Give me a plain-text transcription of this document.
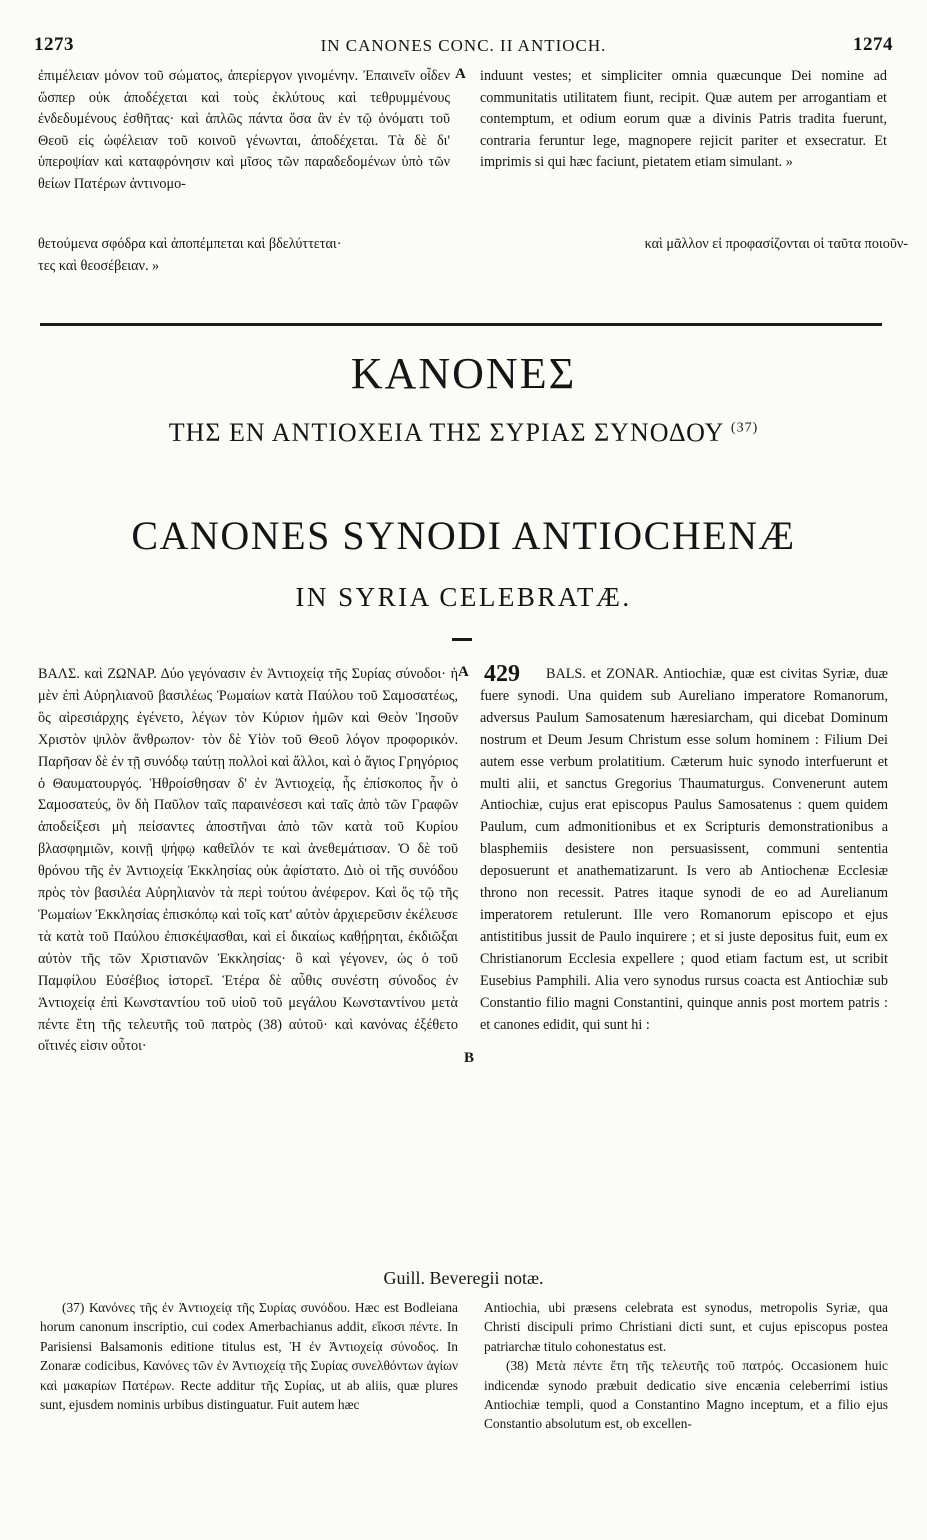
1273	IN CANONES CONC. II ANTIOCH.	1274

ἐπιμέλειαν μόνον τοῦ σώματος, ἀπερίεργον γινομένην. Ἐπαινεῖν οἶδεν ὥσπερ οὐκ ἀποδέχεται καὶ τοὺς ἐκλύτους καὶ τεθρυμμένους ἐνδεδυμένους ἐσθῆτας· καὶ ἁπλῶς πάντα ὅσα ἂν ἐν τῷ ὀνόματι τοῦ Θεοῦ εἰς ὠφέλειαν τοῦ κοινοῦ γένωνται, ἀποδέχεται. Τὰ δὲ δι' ὑπεροψίαν καὶ καταφρόνησιν καὶ μῖσος τῶν παραδεδομένων ὑπὸ τῶν θείων Πατέρων ἀντινομο-

A induunt vestes; et simpliciter omnia quæcunque Dei nomine ad communitatis utilitatem fiunt, recipit. Quæ autem per arrogantiam et contemptum, et odium eorum quæ a divinis Patris tradita fuerunt, contraria feruntur lege, magnopere rejicit pariter et exsecratur. Et imprimis si qui hæc faciunt, pietatem etiam simulant. »

θετούμενα σφόδρα καὶ ἀποπέμπεται καὶ βδελύττεται·	καὶ μᾶλλον εἰ προφασίζονται οἱ ταῦτα ποιοῦν-
τες καὶ θεοσέβειαν. »
ΚΑΝΟΝΕΣ
ΤΗΣ ΕΝ ΑΝΤΙΟΧΕΙΑ ΤΗΣ ΣΥΡΙΑΣ ΣΥΝΟΔΟΥ $^{(37)}$
CANONES SYNODI ANTIOCHENÆ
IN SYRIA CELEBRATÆ.

ΒΑΛΣ. καὶ ΖΩΝΑΡ. Δύο γεγόνασιν ἐν Ἀντιοχείᾳ τῆς Συρίας σύνοδοι· ἡ μὲν ἐπὶ Αὐρηλιανοῦ βασιλέως Ῥωμαίων κατὰ Παύλου τοῦ Σαμοσατέως, ὃς αἱρεσιάρχης ἐγένετο, λέγων τὸν Κύριον ἡμῶν καὶ Θεὸν Ἰησοῦν Χριστὸν ψιλὸν ἄνθρωπον· τὸν δὲ Υἱὸν τοῦ Θεοῦ λόγον προφορικόν. Παρῆσαν δὲ ἐν τῇ συνόδῳ ταύτῃ πολλοὶ καὶ ἄλλοι, καὶ ὁ ἅγιος Γρηγόριος ὁ Θαυματουργός. Ἠθροίσθησαν δ' ἐν Ἀντιοχείᾳ, ἧς ἐπίσκοπος ἦν ὁ Σαμοσατεύς, ὃν δὴ Παῦλον ταῖς παραινέσεσι καὶ ταῖς ἀπὸ τῶν Γραφῶν ἀποδείξεσι μὴ πείσαντες ἀποστῆναι ἀπὸ τῶν κατὰ τοῦ Κυρίου βλασφημιῶν, κοινῇ ψήφῳ καθεῖλόν τε καὶ ἀνεθεμάτισαν. Ὁ δὲ τοῦ θρόνου τῆς ἐν Ἀντιοχείᾳ Ἐκκλησίας οὐκ ἀφίστατο. Διὸ οἱ τῆς συνόδου πρὸς τὸν βασιλέα Αὐρηλιανὸν τὰ περὶ τούτου ἀνέφερον. Καὶ ὅς τῷ τῆς Ῥωμαίων Ἐκκλησίας ἐπισκόπῳ καὶ τοῖς κατ' αὐτὸν ἀρχιερεῦσιν ἐκέλευσε τὰ κατὰ τοῦ Παύλου ἐπισκέψασθαι, καὶ εἰ δικαίως καθῄρηται, ἐκδιῶξαι αὐτὸν τῆς τῶν Χριστιανῶν Ἐκκλησίας· ὃ καὶ γέγονεν, ὡς ὁ τοῦ Παμφίλου Εὐσέβιος ἱστορεῖ. Ἑτέρα δὲ αὖθις συνέστη σύνοδος ἐν Ἀντιοχείᾳ ἐπὶ Κωνσταντίου τοῦ υἱοῦ τοῦ μεγάλου Κωνσταντίνου μετὰ πέντε ἔτη τῆς τελευτῆς τοῦ πατρὸς (38) αὐτοῦ· καὶ κανόνας ἐξέθετο οἵτινές εἰσιν οὗτοι·

A
B
429	BALS. et ZONAR. Antiochiæ, quæ est civitas Syriæ, duæ fuere synodi. Una quidem sub Aureliano imperatore Romanorum, adversus Paulum Samosatenum hæresiarcham, qui dicebat Dominum nostrum et Deum Jesum Christum esse solum hominem : Filium Dei autem esse verbum prolatitium. Cæterum huic synodo interfuerunt et multi alii, et sanctus Gregorius Thaumaturgus. Convenerunt autem Antiochiæ, cujus erat episcopus Paulus Samosatenus : quem quidem Paulum, cum admonitionibus et ex Scripturis demonstrationibus a blasphemiis desistere non persuasissent, communi sententia deposuerunt et anathematizarunt. Is vero ab Antiochenæ Ecclesiæ throno non recessit. Patres itaque synodi de eo ad Aurelianum imperatorem retulerunt. Ille vero Romanorum episcopo et ejus antistitibus jussit de Paulo inquirere ; et si juste depositus fuit, eum ex Christianorum Ecclesia expellere ; quod etiam factum est, ut scribit Eusebius Pamphili. Alia vero synodus rursus coacta est Antiochiæ sub Constantio filio magni Constantini, quinque annis post mortem patris : et canones edidit, qui sunt hi :

Guill. Beveregii notæ.

(37) Κανόνες τῆς ἐν Ἀντιοχείᾳ τῆς Συρίας συνόδου. Hæc est Bodleiana horum canonum inscriptio, cui codex Amerbachianus addit, εἴκοσι πέντε. In Parisiensi Balsamonis editione titulus est, Ἡ ἐν Ἀντιοχείᾳ σύνοδος. In Zonaræ codicibus, Κανόνες τῶν ἐν Ἀντιοχείᾳ τῆς Συρίας συνελθόντων ἁγίων καὶ μακαρίων Πατέρων. Recte additur τῆς Συρίας, ut ab aliis, quæ plures sunt, ejusdem nominis urbibus distinguatur. Fuit autem hæc

Antiochia, ubi præsens celebrata est synodus, metropolis Syriæ, qua Christi discipuli primo Christiani dicti sunt, et cujus episcopus postea patriarchæ titulo cohonestatus est.

(38) Μετὰ πέντε ἔτη τῆς τελευτῆς τοῦ πατρός. Occasionem huic indicendæ synodo præbuit dedicatio sive encænia celeberrimi istius Antiochiæ templi, quod a Constantino Magno inceptum, et a filio ejus Constantio absolutum est, ob excellen-
